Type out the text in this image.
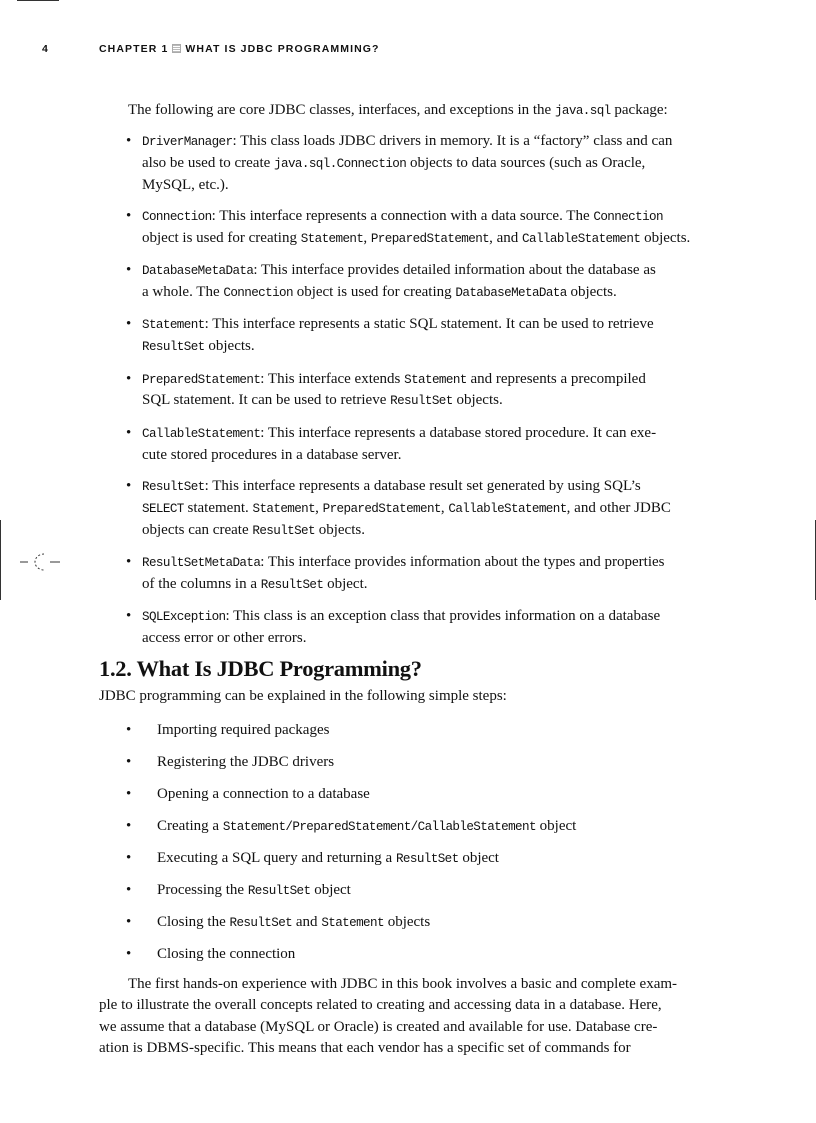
4	CHAPTER 1 WHAT IS JDBC PROGRAMMING?

The following are core JDBC classes, interfaces, and exceptions in the java.sql package:

• DriverManager: This class loads JDBC drivers in memory. It is a “factory” class and can
also be used to create java.sql.Connection objects to data sources (such as Oracle,
MySQL, etc.).
• Connection: This interface represents a connection with a data source. The Connection
object is used for creating Statement, PreparedStatement, and CallableStatement objects.
• DatabaseMetaData: This interface provides detailed information about the database as
a whole. The Connection object is used for creating DatabaseMetaData objects.
• Statement: This interface represents a static SQL statement. It can be used to retrieve
ResultSet objects.
• PreparedStatement: This interface extends Statement and represents a precompiled
SQL statement. It can be used to retrieve ResultSet objects.
• CallableStatement: This interface represents a database stored procedure. It can exe-
cute stored procedures in a database server.
• ResultSet: This interface represents a database result set generated by using SQL’s
SELECT statement. Statement, PreparedStatement, CallableStatement, and other JDBC
objects can create ResultSet objects.
• ResultSetMetaData: This interface provides information about the types and properties
of the columns in a ResultSet object.
• SQLException: This class is an exception class that provides information on a database
access error or other errors.
1.2. What Is JDBC Programming?

JDBC programming can be explained in the following simple steps:

• Importing required packages
• Registering the JDBC drivers
• Opening a connection to a database
• Creating a Statement/PreparedStatement/CallableStatement object
• Executing a SQL query and returning a ResultSet object
• Processing the ResultSet object
• Closing the ResultSet and Statement objects
• Closing the connection

The first hands-on experience with JDBC in this book involves a basic and complete exam-
ple to illustrate the overall concepts related to creating and accessing data in a database. Here,
we assume that a database (MySQL or Oracle) is created and available for use. Database cre-
ation is DBMS-specific. This means that each vendor has a specific set of commands for
